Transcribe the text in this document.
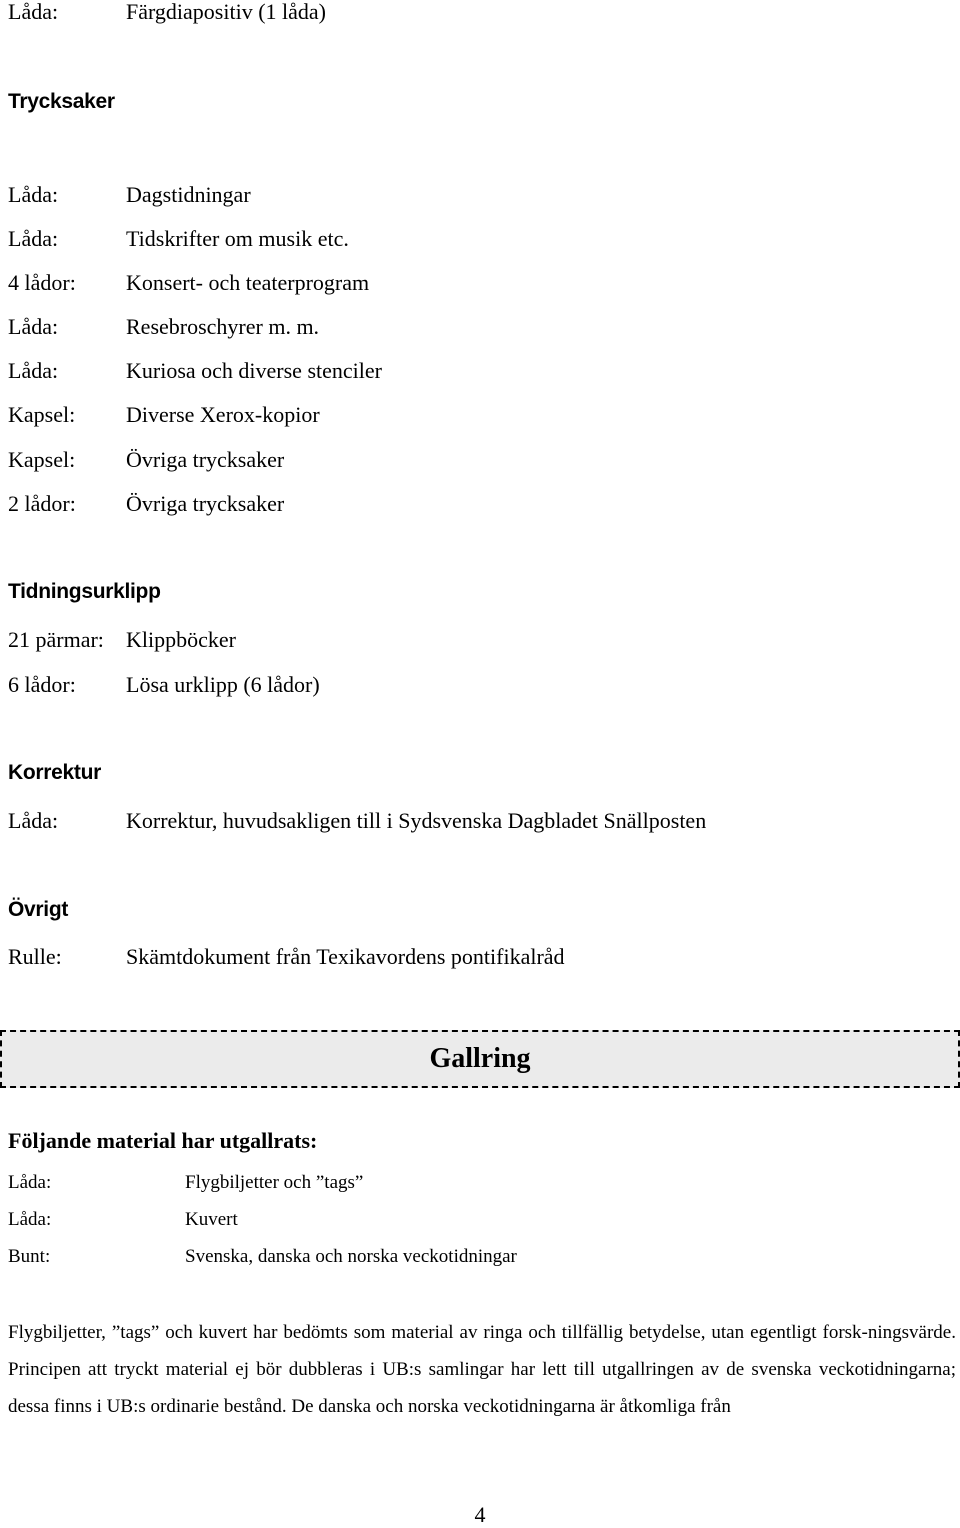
Låda:	Färgdiapositiv (1 låda)
Trycksaker
Låda:	Dagstidningar
Låda:	Tidskrifter om musik etc.
4 lådor:	Konsert- och teaterprogram
Låda:	Resebroschyrer m. m.
Låda:	Kuriosa och diverse stenciler
Kapsel:	Diverse Xerox-kopior
Kapsel:	Övriga trycksaker
2 lådor:	Övriga trycksaker
Tidningsurklipp
21 pärmar:	Klippböcker
6 lådor:	Lösa urklipp (6 lådor)
Korrektur
Låda:	Korrektur, huvudsakligen till i Sydsvenska Dagbladet Snällposten
Övrigt
Rulle:	Skämtdokument från Texikavordens pontifikalråd
Gallring
Följande material har utgallrats:
Låda:	Flygbiljetter och ”tags”
Låda:	Kuvert
Bunt:	Svenska, danska och norska veckotidningar
Flygbiljetter, ”tags” och kuvert har bedömts som material av ringa och tillfällig betydelse, utan egentligt forsk-ningsvärde. Principen att tryckt material ej bör dubbleras i UB:s samlingar har lett till utgallringen av de svenska veckotidningarna; dessa finns i UB:s ordinarie bestånd. De danska och norska veckotidningarna är åtkomliga från
4
